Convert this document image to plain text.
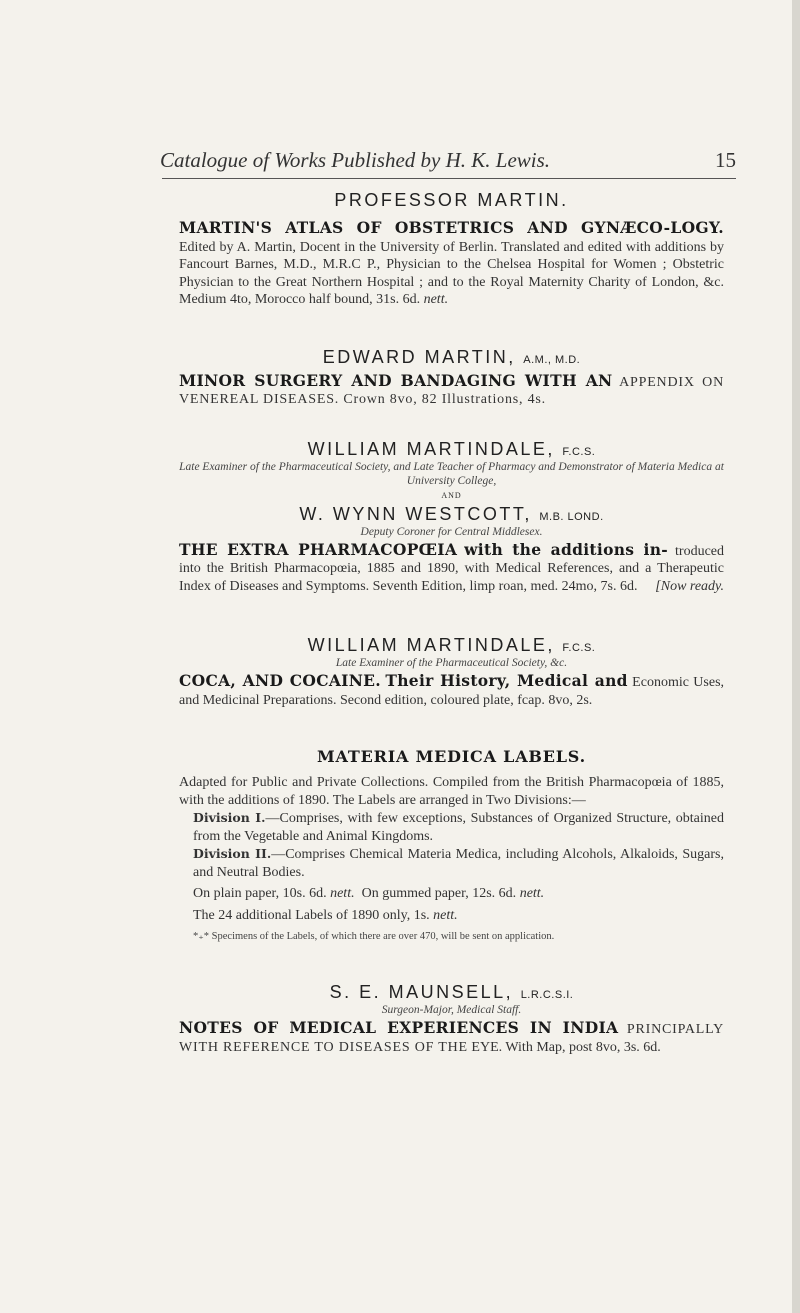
Catalogue of Works Published by H. K. Lewis.	15
PROFESSOR MARTIN.
MARTIN'S ATLAS OF OBSTETRICS AND GYNÆCO-LOGY. Edited by A. Martin, Docent in the University of Berlin. Translated and edited with additions by Fancourt Barnes, M.D., M.R.C P., Physician to the Chelsea Hospital for Women ; Obstetric Physician to the Great Northern Hospital ; and to the Royal Maternity Charity of London, &c. Medium 4to, Morocco half bound, 31s. 6d. nett.
EDWARD MARTIN, A.M., M.D.
MINOR SURGERY AND BANDAGING WITH AN APPENDIX ON VENEREAL DISEASES. Crown 8vo, 82 Illustrations, 4s.
WILLIAM MARTINDALE, F.C.S.
Late Examiner of the Pharmaceutical Society, and Late Teacher of Pharmacy and Demonstrator of Materia Medica at University College,
AND
W. WYNN WESTCOTT, M.B. LOND.
Deputy Coroner for Central Middlesex.
THE EXTRA PHARMACOPŒIA with the additions in- troduced into the British Pharmacopœia, 1885 and 1890, with Medical References, and a Therapeutic Index of Diseases and Symptoms. Seventh Edition, limp roan, med. 24mo, 7s. 6d. [Now ready.
WILLIAM MARTINDALE, F.C.S.
Late Examiner of the Pharmaceutical Society, &c.
COCA, AND COCAINE. Their History, Medical and Economic Uses, and Medicinal Preparations. Second edition, coloured plate, fcap. 8vo, 2s.
MATERIA MEDICA LABELS.
Adapted for Public and Private Collections. Compiled from the British Pharmacopœia of 1885, with the additions of 1890. The Labels are arranged in Two Divisions:—
Division I.—Comprises, with few exceptions, Substances of Organized Structure, obtained from the Vegetable and Animal Kingdoms.
Division II.—Comprises Chemical Materia Medica, including Alcohols, Alkaloids, Sugars, and Neutral Bodies.
On plain paper, 10s. 6d. nett. On gummed paper, 12s. 6d. nett.
The 24 additional Labels of 1890 only, 1s. nett.
*₊* Specimens of the Labels, of which there are over 470, will be sent on application.
S. E. MAUNSELL, L.R.C.S.I.
Surgeon-Major, Medical Staff.
NOTES OF MEDICAL EXPERIENCES IN INDIA PRINCIPALLY WITH REFERENCE TO DISEASES OF THE EYE. With Map, post 8vo, 3s. 6d.
